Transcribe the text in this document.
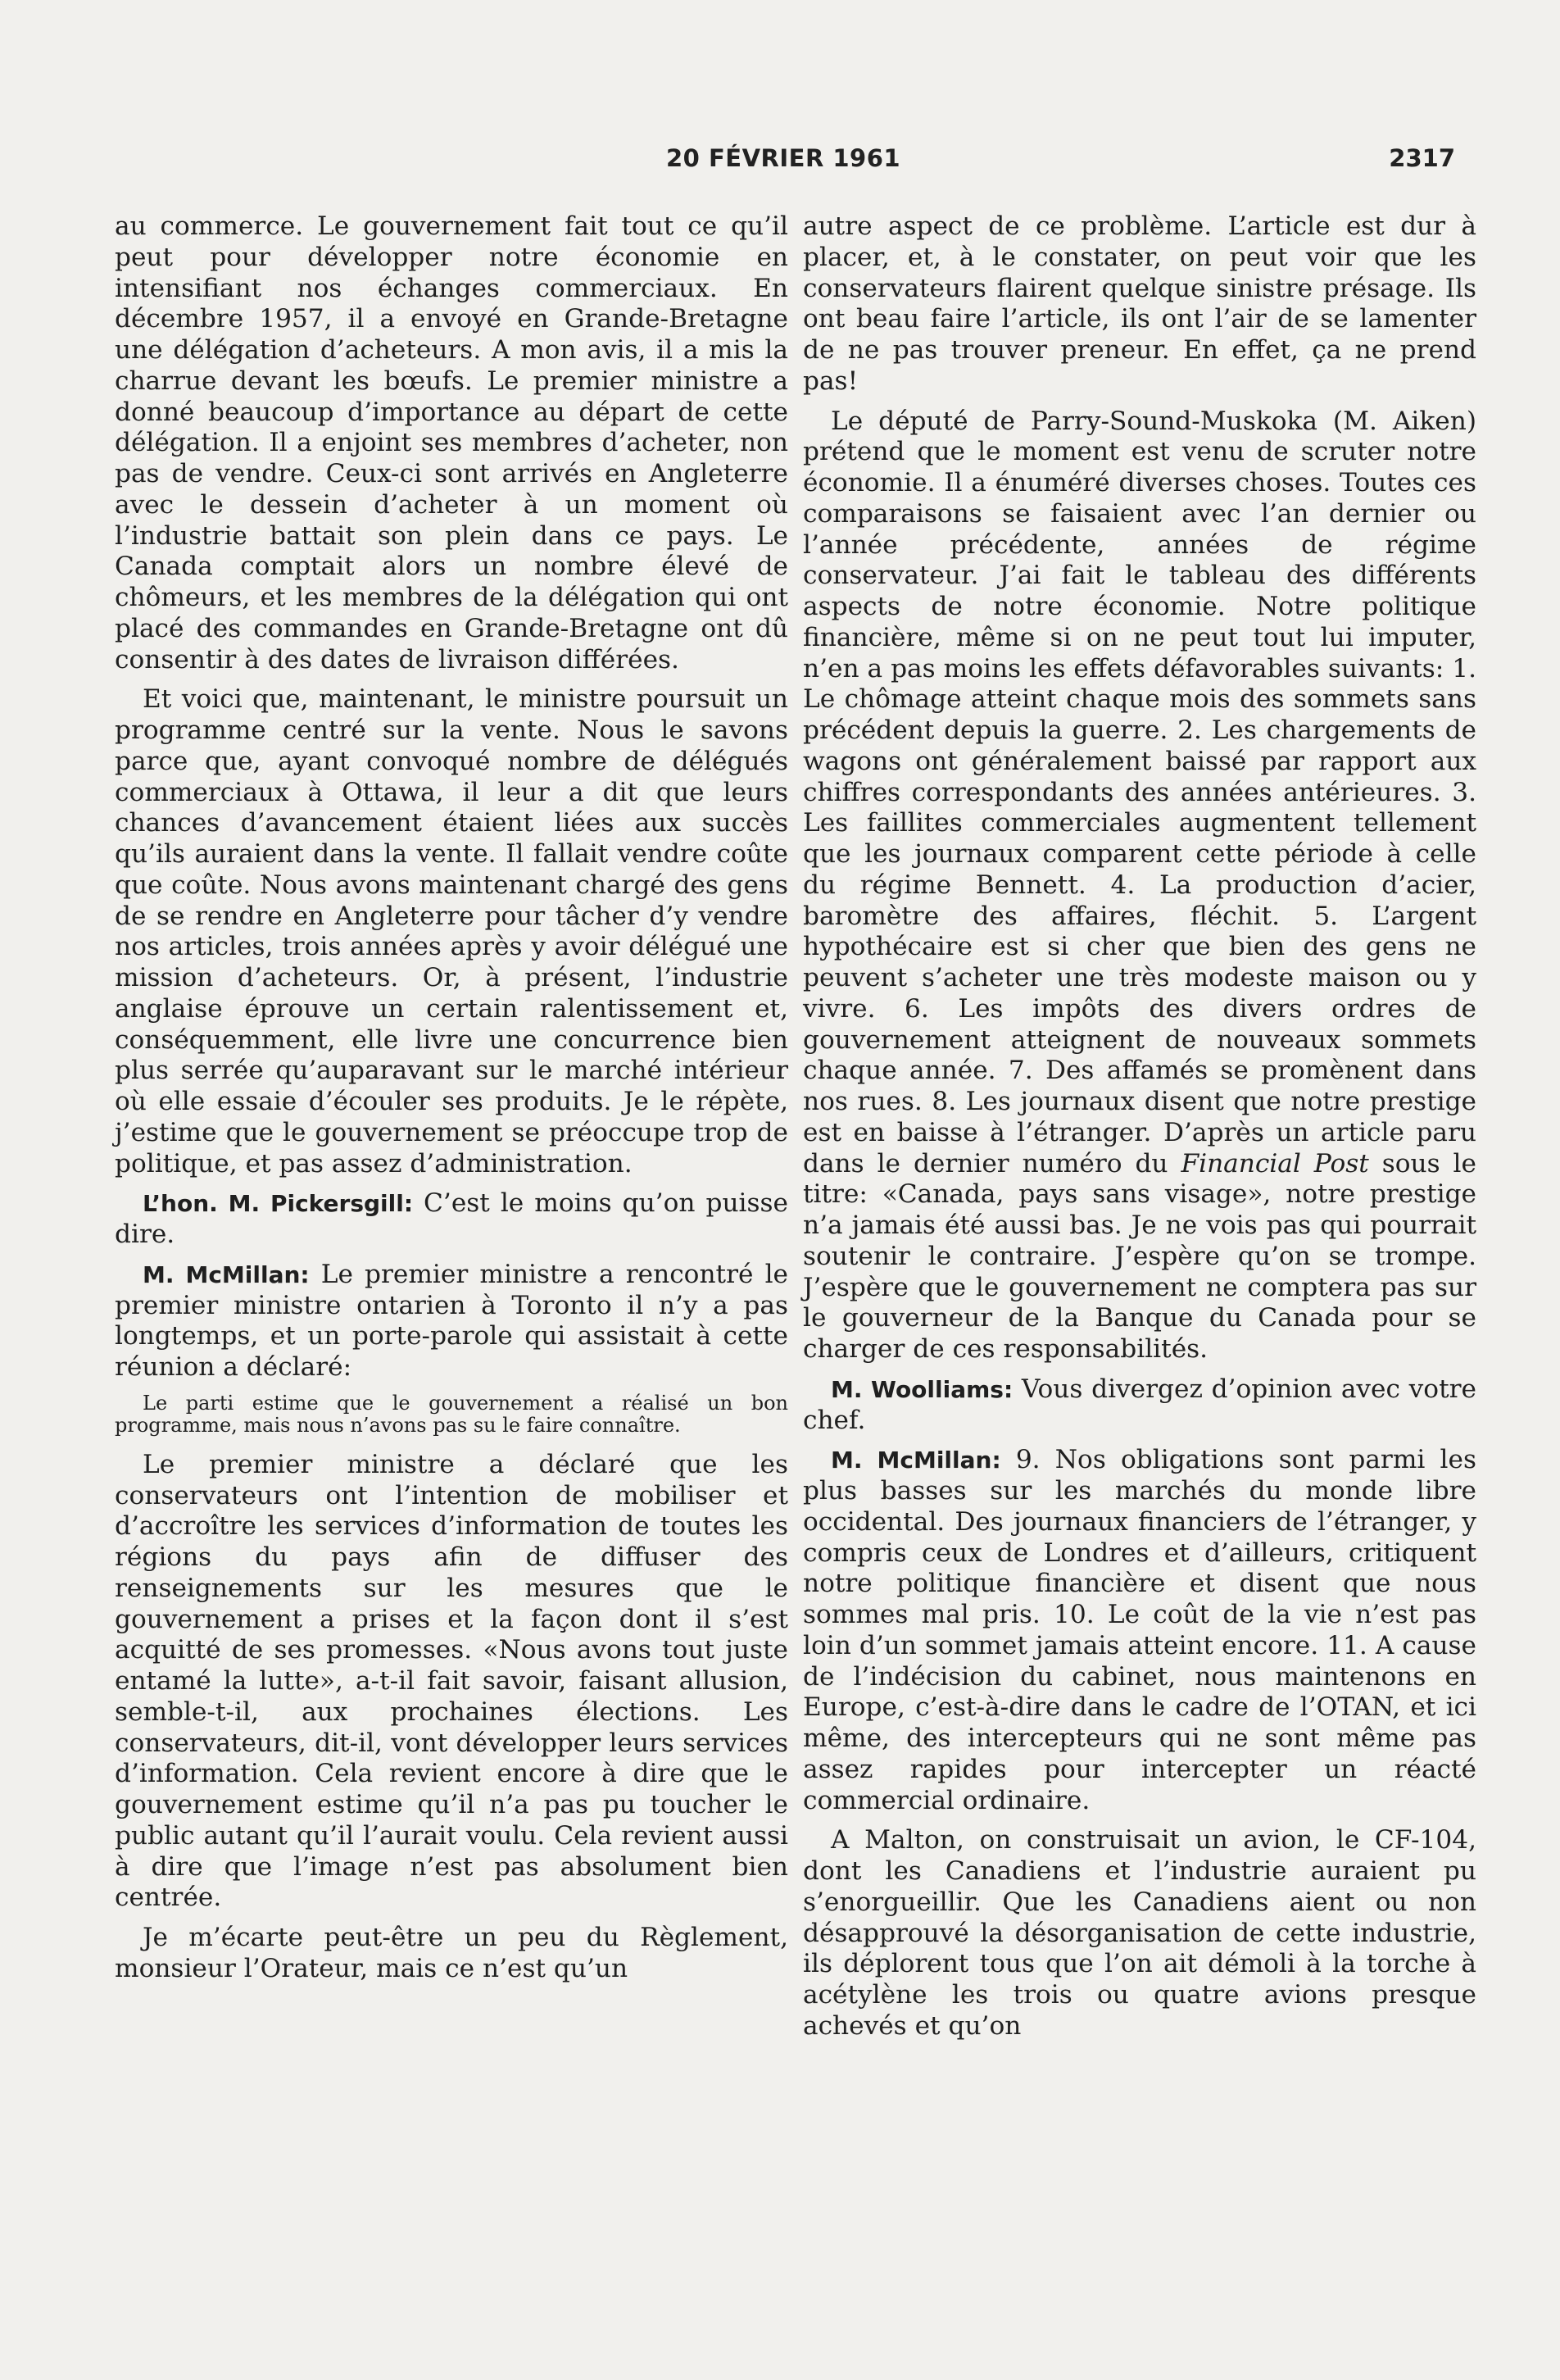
20 FÉVRIER 1961	2317

au commerce. Le gouvernement fait tout ce qu’il peut pour développer notre économie en intensifiant nos échanges commerciaux. En décembre 1957, il a envoyé en Grande-Bretagne une délégation d’acheteurs. A mon avis, il a mis la charrue devant les bœufs. Le premier ministre a donné beaucoup d’importance au départ de cette délégation. Il a enjoint ses membres d’acheter, non pas de vendre. Ceux-ci sont arrivés en Angleterre avec le dessein d’acheter à un moment où l’industrie battait son plein dans ce pays. Le Canada comptait alors un nombre élevé de chômeurs, et les membres de la délégation qui ont placé des commandes en Grande-Bretagne ont dû consentir à des dates de livraison différées.

Et voici que, maintenant, le ministre poursuit un programme centré sur la vente. Nous le savons parce que, ayant convoqué nombre de délégués commerciaux à Ottawa, il leur a dit que leurs chances d’avancement étaient liées aux succès qu’ils auraient dans la vente. Il fallait vendre coûte que coûte. Nous avons maintenant chargé des gens de se rendre en Angleterre pour tâcher d’y vendre nos articles, trois années après y avoir délégué une mission d’acheteurs. Or, à présent, l’industrie anglaise éprouve un certain ralentissement et, conséquemment, elle livre une concurrence bien plus serrée qu’auparavant sur le marché intérieur où elle essaie d’écouler ses produits. Je le répète, j’estime que le gouvernement se préoccupe trop de politique, et pas assez d’administration.

L’hon. M. Pickersgill: C’est le moins qu’on puisse dire.

M. McMillan: Le premier ministre a rencontré le premier ministre ontarien à Toronto il n’y a pas longtemps, et un porte-parole qui assistait à cette réunion a déclaré:

Le parti estime que le gouvernement a réalisé un bon programme, mais nous n’avons pas su le faire connaître.

Le premier ministre a déclaré que les conservateurs ont l’intention de mobiliser et d’accroître les services d’information de toutes les régions du pays afin de diffuser des renseignements sur les mesures que le gouvernement a prises et la façon dont il s’est acquitté de ses promesses. «Nous avons tout juste entamé la lutte», a-t-il fait savoir, faisant allusion, semble-t-il, aux prochaines élections. Les conservateurs, dit-il, vont développer leurs services d’information. Cela revient encore à dire que le gouvernement estime qu’il n’a pas pu toucher le public autant qu’il l’aurait voulu. Cela revient aussi à dire que l’image n’est pas absolument bien centrée.

Je m’écarte peut-être un peu du Règlement, monsieur l’Orateur, mais ce n’est qu’un

autre aspect de ce problème. L’article est dur à placer, et, à le constater, on peut voir que les conservateurs flairent quelque sinistre présage. Ils ont beau faire l’article, ils ont l’air de se lamenter de ne pas trouver preneur. En effet, ça ne prend pas!

Le député de Parry-Sound-Muskoka (M. Aiken) prétend que le moment est venu de scruter notre économie. Il a énuméré diverses choses. Toutes ces comparaisons se faisaient avec l’an dernier ou l’année précédente, années de régime conservateur. J’ai fait le tableau des différents aspects de notre économie. Notre politique financière, même si on ne peut tout lui imputer, n’en a pas moins les effets défavorables suivants: 1. Le chômage atteint chaque mois des sommets sans précédent depuis la guerre. 2. Les chargements de wagons ont généralement baissé par rapport aux chiffres correspondants des années antérieures. 3. Les faillites commerciales augmentent tellement que les journaux comparent cette période à celle du régime Bennett. 4. La production d’acier, baromètre des affaires, fléchit. 5. L’argent hypothécaire est si cher que bien des gens ne peuvent s’acheter une très modeste maison ou y vivre. 6. Les impôts des divers ordres de gouvernement atteignent de nouveaux sommets chaque année. 7. Des affamés se promènent dans nos rues. 8. Les journaux disent que notre prestige est en baisse à l’étranger. D’après un article paru dans le dernier numéro du Financial Post sous le titre: «Canada, pays sans visage», notre prestige n’a jamais été aussi bas. Je ne vois pas qui pourrait soutenir le contraire. J’espère qu’on se trompe. J’espère que le gouvernement ne comptera pas sur le gouverneur de la Banque du Canada pour se charger de ces responsabilités.

M. Woolliams: Vous divergez d’opinion avec votre chef.

M. McMillan: 9. Nos obligations sont parmi les plus basses sur les marchés du monde libre occidental. Des journaux financiers de l’étranger, y compris ceux de Londres et d’ailleurs, critiquent notre politique financière et disent que nous sommes mal pris. 10. Le coût de la vie n’est pas loin d’un sommet jamais atteint encore. 11. A cause de l’indécision du cabinet, nous maintenons en Europe, c’est-à-dire dans le cadre de l’OTAN, et ici même, des intercepteurs qui ne sont même pas assez rapides pour intercepter un réacté commercial ordinaire.

A Malton, on construisait un avion, le CF-104, dont les Canadiens et l’industrie auraient pu s’enorgueillir. Que les Canadiens aient ou non désapprouvé la désorganisation de cette industrie, ils déplorent tous que l’on ait démoli à la torche à acétylène les trois ou quatre avions presque achevés et qu’on
